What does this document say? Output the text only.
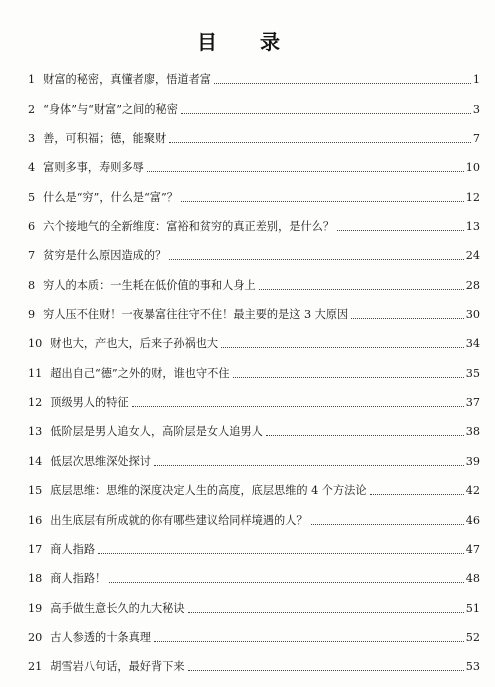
目 录
1 财富的秘密，真懂者廖，悟道者富	1
2 “身体”与“财富”之间的秘密	3
3 善，可积福；德，能聚财	7
4 富则多事，寿则多辱	10
5 什么是“穷”，什么是“富”？	12
6 六个接地气的全新维度：富裕和贫穷的真正差别，是什么？	13
7 贫穷是什么原因造成的？	24
8 穷人的本质：一生耗在低价值的事和人身上	28
9 穷人压不住财！一夜暴富往往守不住！最主要的是这 3 大原因	30
10 财也大，产也大，后来子孙祸也大	34
11 超出自己“德”之外的财，谁也守不住	35
12 顶级男人的特征	37
13 低阶层是男人追女人，高阶层是女人追男人	38
14 低层次思维深处探讨	39
15 底层思维：思维的深度决定人生的高度，底层思维的 4 个方法论	42
16 出生底层有所成就的你有哪些建议给同样境遇的人？	46
17 商人指路	47
18 商人指路！	48
19 高手做生意长久的九大秘诀	51
20 古人参透的十条真理	52
21 胡雪岩八句话，最好背下来	53
